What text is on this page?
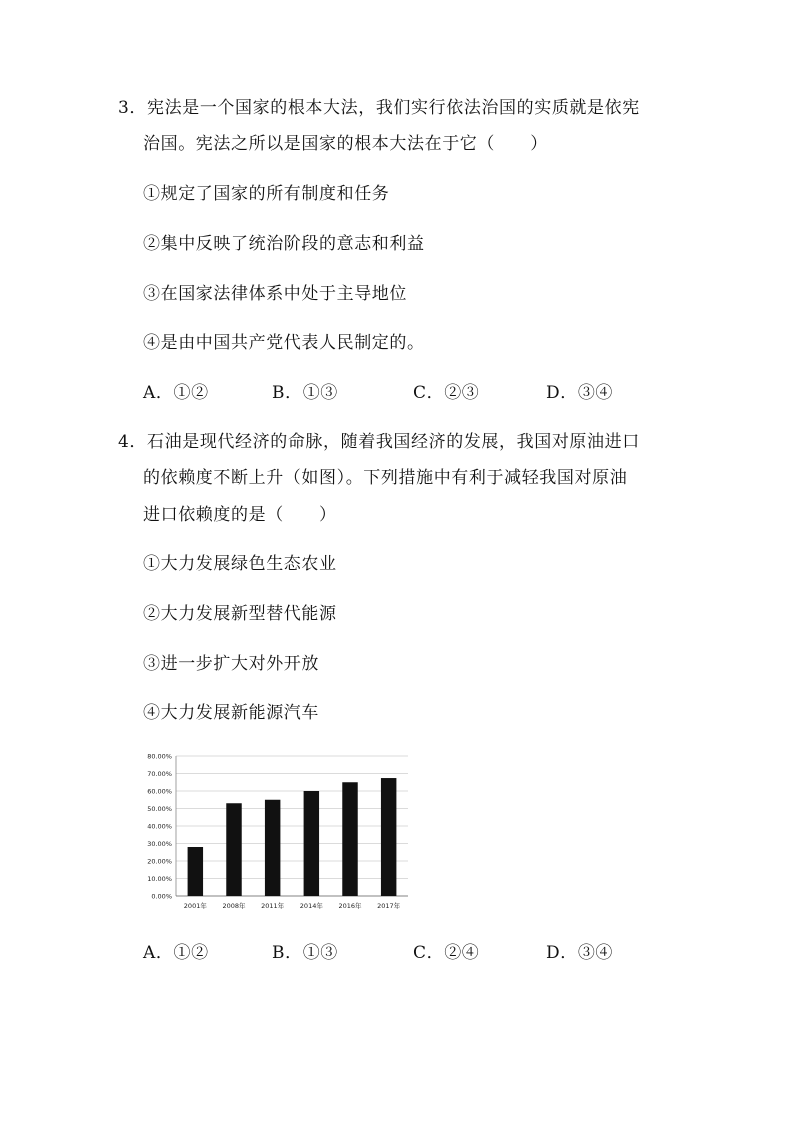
3．宪法是一个国家的根本大法，我们实行依法治国的实质就是依宪
治国。宪法之所以是国家的根本大法在于它（　　）
①规定了国家的所有制度和任务
②集中反映了统治阶段的意志和利益
③在国家法律体系中处于主导地位
④是由中国共产党代表人民制定的。
A．①②	B．①③	C．②③	D．③④
4．石油是现代经济的命脉，随着我国经济的发展，我国对原油进口
的依赖度不断上升（如图）。下列措施中有利于减轻我国对原油
进口依赖度的是（　　）
①大力发展绿色生态农业
②大力发展新型替代能源
③进一步扩大对外开放
④大力发展新能源汽车
0.00%
10.00%
20.00%
30.00%
40.00%
50.00%
60.00%
70.00%
80.00%
2001年 2008年 2011年 2014年 2016年 2017年
A．①②	B．①③	C．②④	D．③④
